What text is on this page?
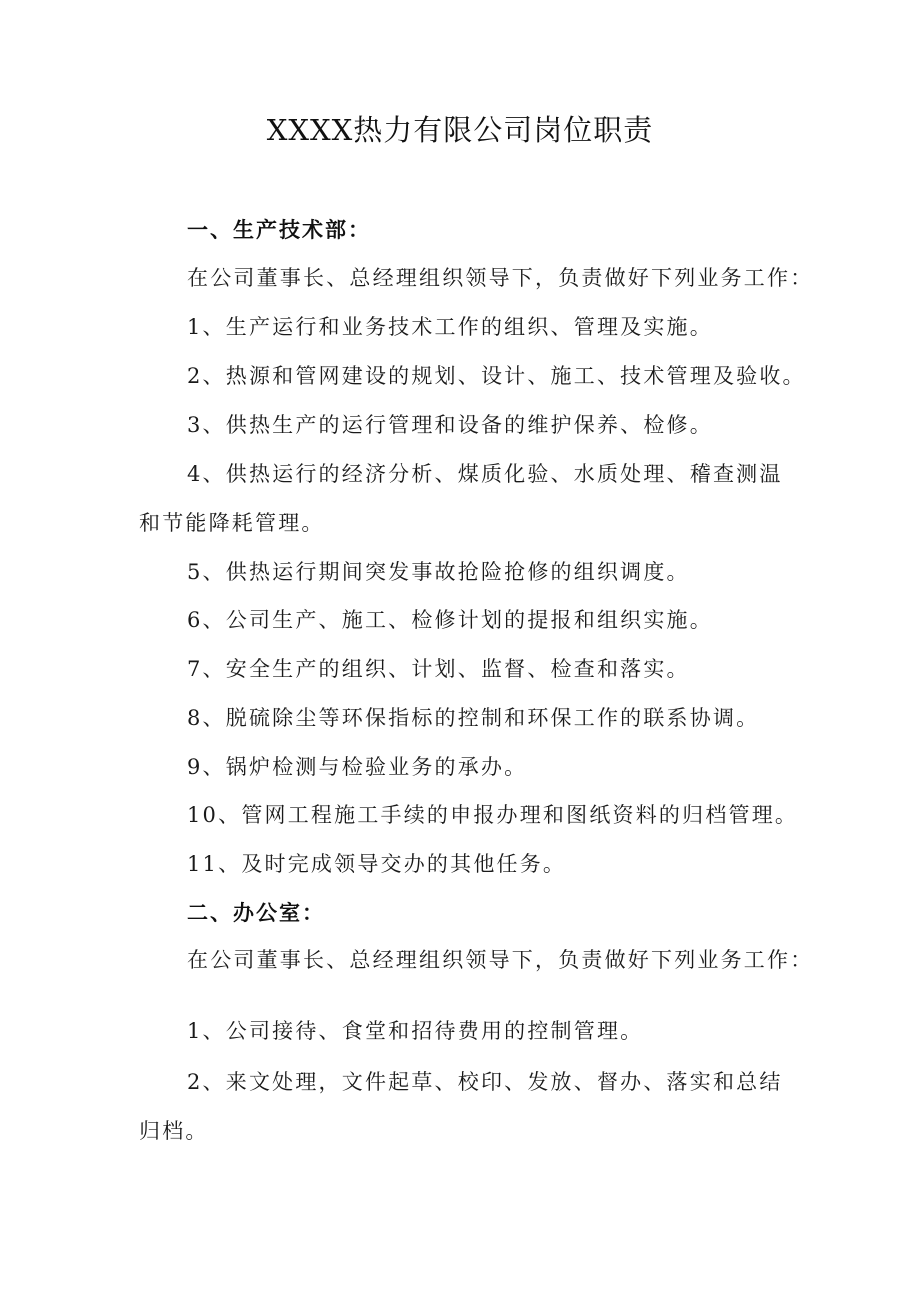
XXXX热力有限公司岗位职责
一、生产技术部：
在公司董事长、总经理组织领导下，负责做好下列业务工作：
1、生产运行和业务技术工作的组织、管理及实施。
2、热源和管网建设的规划、设计、施工、技术管理及验收。
3、供热生产的运行管理和设备的维护保养、检修。
4、供热运行的经济分析、煤质化验、水质处理、稽查测温
和节能降耗管理。
5、供热运行期间突发事故抢险抢修的组织调度。
6、公司生产、施工、检修计划的提报和组织实施。
7、安全生产的组织、计划、监督、检查和落实。
8、脱硫除尘等环保指标的控制和环保工作的联系协调。
9、锅炉检测与检验业务的承办。
10、管网工程施工手续的申报办理和图纸资料的归档管理。
11、及时完成领导交办的其他任务。
二、办公室：
在公司董事长、总经理组织领导下，负责做好下列业务工作：
1、公司接待、食堂和招待费用的控制管理。
2、来文处理，文件起草、校印、发放、督办、落实和总结
归档。
